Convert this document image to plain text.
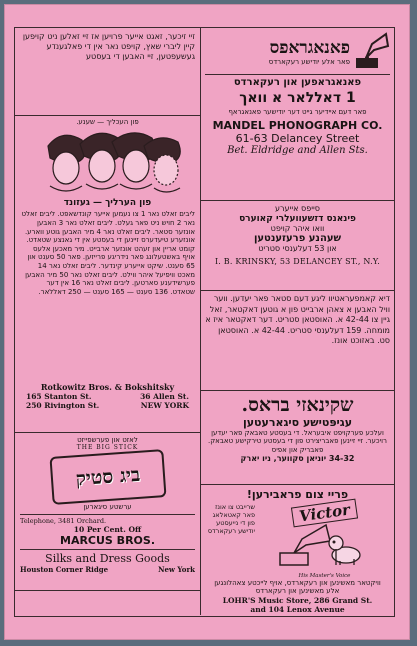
זיי זיכער, זאגט אייער פרויען אז זיי זאלען ניט קויפען קיין ליברי שאץ, קויפט נאר אין די פאלגענדע געשעפטען, זיי האבען די בעסטע
פון העכליך — שענע.
פון הערליך — געזונד
ליבים זאלט נאר 1 צו נעמען אייער קונדשאפט. ליבים זאלט נאר 2 חויש ניט פאר געלט. ליבים זאלט נאר 3 האבען אונזער סטאר. ליבים זאלט נאר 4 מיר האבען גוטע ווארע. אונזערע טיעדערס זיינען די בעסטע אין די גאנצע שטאדט. קומט אריין און זעהט אונזער ארבייט. מיר מאכען אלעס אויף באשטעלונג פאר נידריגע פרייזען. פאר 50 סענט און 65 סענט. שיקט אייערע קינדער. ליבים זאלט נאר 14 מאכט וויפיעל איהר ווילט. ליבים זאלט נאר 50 מיר האבען פערשידענע סארטען. ליבים זאלט נאר 16 אין דער שטאדט. 136 סענט — 165 סענט — 250 דאללאר.
Rotkowitz Bros. & Bokshitsky
165 Stanton St.	36 Allen St.
250 Rivington St.	NEW YORK
לאזט און פערשפייזט
THE BIG STICK
ביג סטיק
ערשטע סיגארען
Telephone, 3481 Orchard.
10 Per Cent. Off
MARCUS BROS.
Silks and Dress Goods
Houston Corner Ridge	New York
פאנאגראפס
פאר אלע יודישע רעקארדס
פאנאגראפען און רעקארדס
1 דאללאר א וואך
פאר דעם איידיער גייט דער יודישער פאנאגראף
MANDEL PHONOGRAPH CO.
61-63 Delancey Street
Bet. Eldridge and Allen Sts.
סייפס אייערע
פינאנס דזשעוועלרי קאוערס
וואו איהר קויפט
שעהנע פרעזענטען
און 53 דעלענסי סטריט
I. B. KRINSKY, 53 DELANCEY ST., N.Y.
דיא קאמפעראטיוו ליגע דעם סטאר פאר יעדען. ווער וויל האבען א צאהן ארבייט פון א גוטען דאקטאר, זאל גיין צו 42-44 א. האוסטאן סטריט. דער דאקטאר איז א מומחה. 159 דעלענסי סטריט. 42-44 א. האוסטאן סט. באזוכט אונז.
שקינאזי בראס.
עגיפּטישע סיגארעטען
ועלכע פערקויפט איבעראל. די בעסטע טאבאק פאר יעדען רויכער. זיי זיינען פאבריצירט פון די בעסטע טירקישע טאבאק.
פאבריק און אפיס
34-32 יוניאן סקווער, ניו יארק
פריי צום פראבירען!
שרייבט צו אונז פאר קאטאלאג פון די נייעסטע יודישע רעקארדס
Victor
His Master's Voice
וויקטאר מאשינען און רעקארדס, אויף לייכטע צאהלונגען
אלע מאשינען און רעקארדס
LOHR'S Music Store, 286 Grand St.
and 104 Lenox Avenue
